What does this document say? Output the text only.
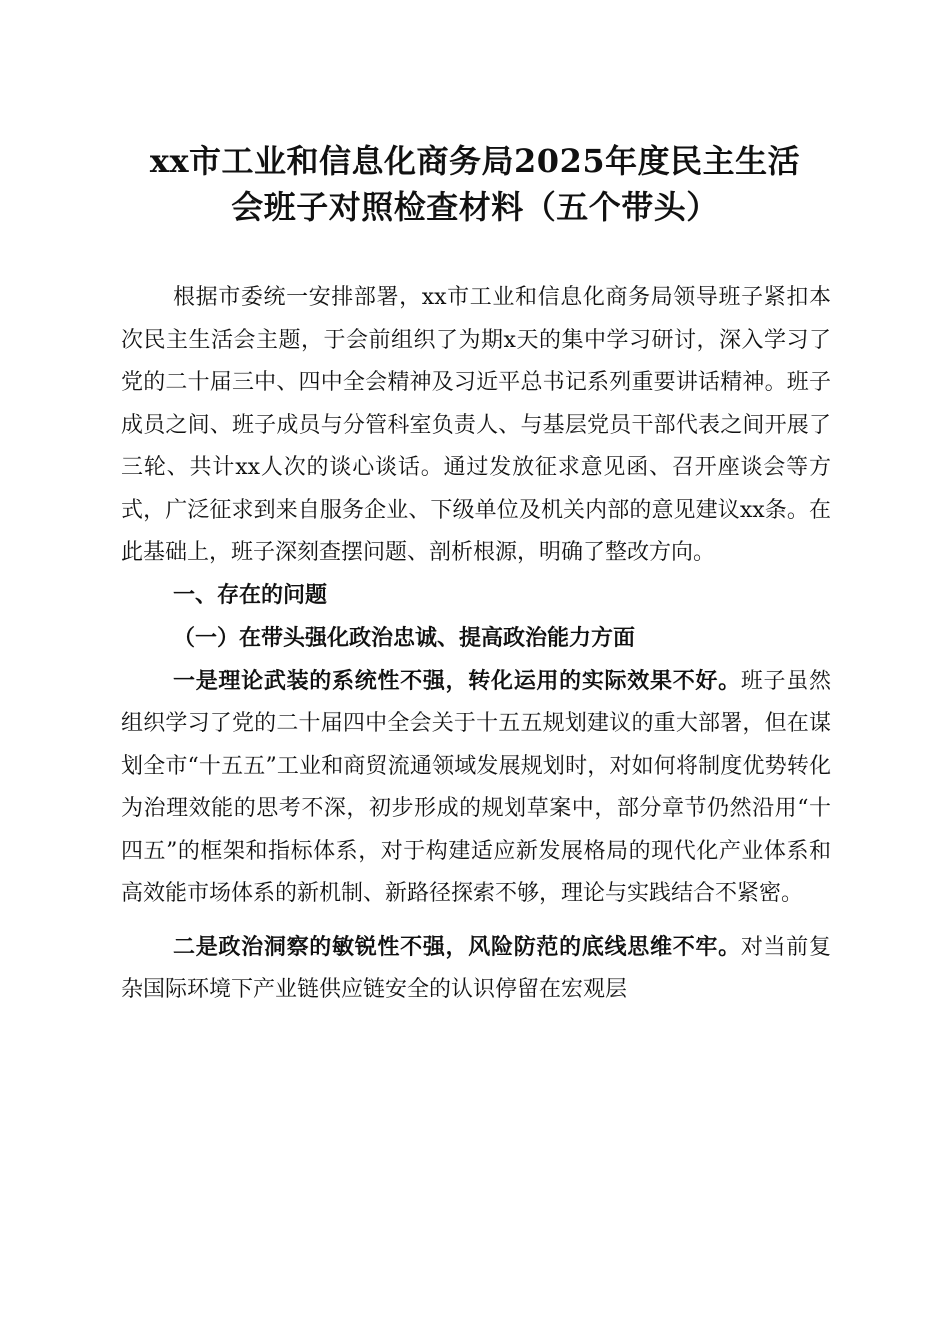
xx市工业和信息化商务局2025年度民主生活
会班子对照检查材料（五个带头）

根据市委统一安排部署，xx市工业和信息化商务局领导班子紧扣本次民主生活会主题，于会前组织了为期x天的集中学习研讨，深入学习了党的二十届三中、四中全会精神及习近平总书记系列重要讲话精神。班子成员之间、班子成员与分管科室负责人、与基层党员干部代表之间开展了三轮、共计xx人次的谈心谈话。通过发放征求意见函、召开座谈会等方式，广泛征求到来自服务企业、下级单位及机关内部的意见建议xx条。在此基础上，班子深刻查摆问题、剖析根源，明确了整改方向。

一、存在的问题

（一）在带头强化政治忠诚、提高政治能力方面

一是理论武装的系统性不强，转化运用的实际效果不好。班子虽然组织学习了党的二十届四中全会关于十五五规划建议的重大部署，但在谋划全市“十五五”工业和商贸流通领域发展规划时，对如何将制度优势转化为治理效能的思考不深，初步形成的规划草案中，部分章节仍然沿用“十四五”的框架和指标体系，对于构建适应新发展格局的现代化产业体系和高效能市场体系的新机制、新路径探索不够，理论与实践结合不紧密。

二是政治洞察的敏锐性不强，风险防范的底线思维不牢。对当前复杂国际环境下产业链供应链安全的认识停留在宏观层
